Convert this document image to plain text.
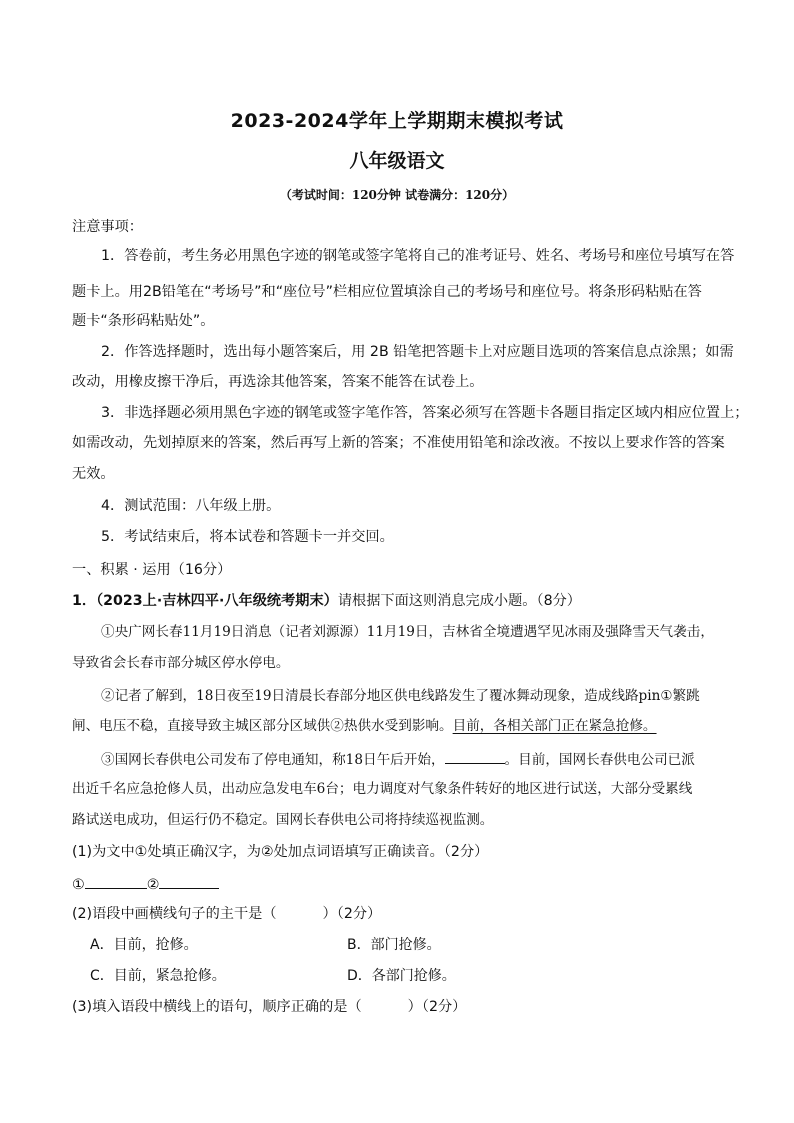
2023-2024学年上学期期末模拟考试
八年级语文
（考试时间：120分钟 试卷满分：120分）
注意事项：
1．答卷前，考生务必用黑色字迹的钢笔或签字笔将自己的准考证号、姓名、考场号和座位号填写在答
题卡上。用2B铅笔在“考场号”和“座位号”栏相应位置填涂自己的考场号和座位号。将条形码粘贴在答
题卡“条形码粘贴处”。
2．作答选择题时，选出每小题答案后，用 2B 铅笔把答题卡上对应题目选项的答案信息点涂黑；如需
改动，用橡皮擦干净后，再选涂其他答案，答案不能答在试卷上。
3．非选择题必须用黑色字迹的钢笔或签字笔作答，答案必须写在答题卡各题目指定区域内相应位置上；
如需改动，先划掉原来的答案，然后再写上新的答案；不准使用铅笔和涂改液。不按以上要求作答的答案
无效。
4．测试范围：八年级上册。
5．考试结束后，将本试卷和答题卡一并交回。
一、积累 · 运用（16分）
1．（2023上·吉林四平·八年级统考期末）请根据下面这则消息完成小题。（8分）
①央广网长春11月19日消息（记者刘源源）11月19日，吉林省全境遭遇罕见冰雨及强降雪天气袭击，
导致省会长春市部分城区停水停电。
②记者了解到，18日夜至19日清晨长春部分地区供电线路发生了覆冰舞动现象，造成线路pin①繁跳
闸、电压不稳，直接导致主城区部分区域供②热供水受到影响。目前，各相关部门正在紧急抢修。
③国网长春供电公司发布了停电通知，称18日午后开始，	。目前，国网长春供电公司已派
出近千名应急抢修人员，出动应急发电车6台；电力调度对气象条件转好的地区进行试送，大部分受累线
路试送电成功，但运行仍不稳定。国网长春供电公司将持续巡视监测。
(1)为文中①处填正确汉字，为②处加点词语填写正确读音。（2分）
①	②
(2)语段中画横线句子的主干是（	）（2分）
A．目前，抢修。	B．部门抢修。
C．目前，紧急抢修。	D．各部门抢修。
(3)填入语段中横线上的语句，顺序正确的是（	）（2分）
